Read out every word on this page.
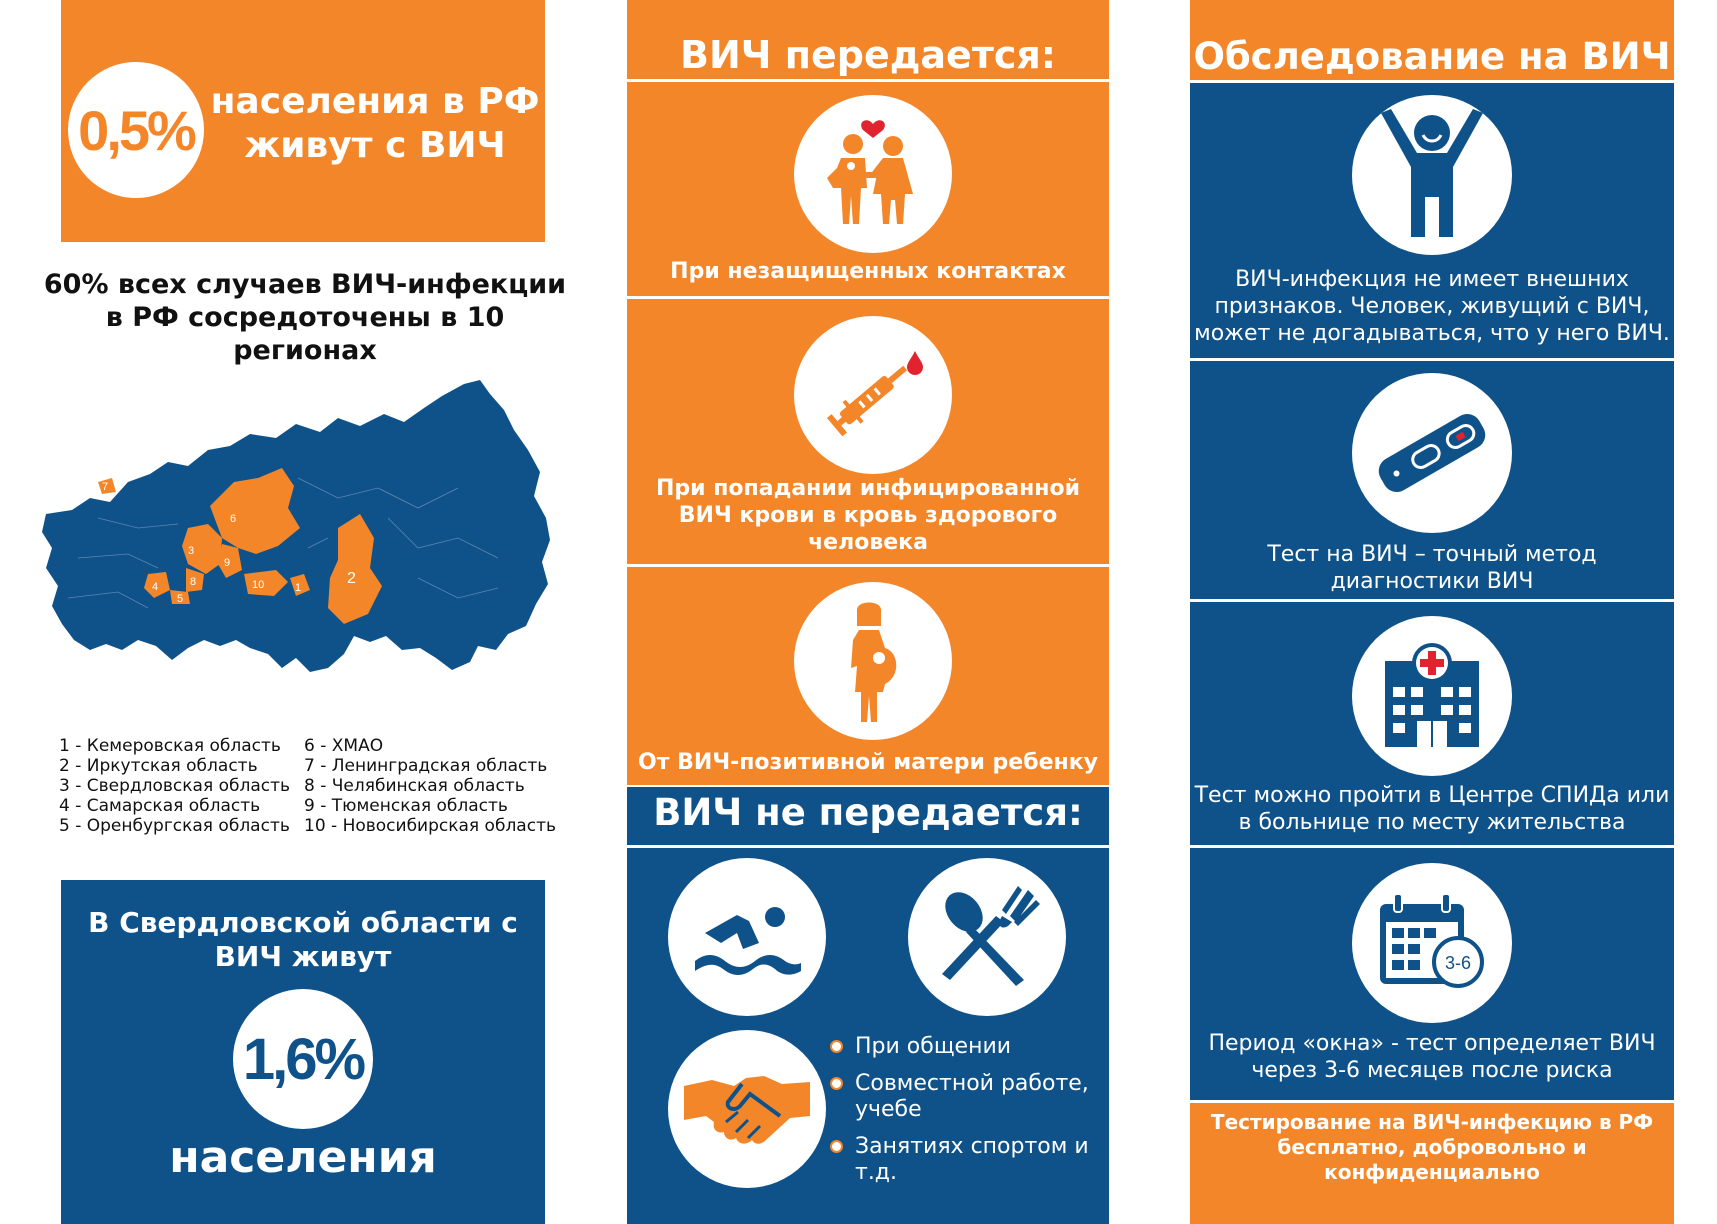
0,5% населения в РФ живут с ВИЧ
60% всех случаев ВИЧ-инфекции в РФ сосредоточены в 10 регионах
1
2
3
4
5
6
7
8
9
10
1 - Кемеровская область
2 - Иркутская область
3 - Свердловская область
4 - Самарская область
5 - Оренбургская область
6 - ХМАО
7 - Ленинградская область
8 - Челябинская область
9 - Тюменская область
10 - Новосибирская область
В Свердловской области с ВИЧ живут
1,6%
населения
ВИЧ передается:
При незащищенных контактах
При попадании инфицированной ВИЧ крови в кровь здорового человека
От ВИЧ-позитивной матери ребенку
ВИЧ не передается:
При общении
Совместной работе, учебе
Занятиях спортом и т.д.
Обследование на ВИЧ
ВИЧ-инфекция не имеет внешних признаков. Человек, живущий с ВИЧ, может не догадываться, что у него ВИЧ.
Тест на ВИЧ – точный метод диагностики ВИЧ
Тест можно пройти в Центре СПИДа или в больнице по месту жительства
3-6
Период «окна» - тест определяет ВИЧ через 3-6 месяцев после риска
Тестирование на ВИЧ-инфекцию в РФ бесплатно, добровольно и конфиденциально
